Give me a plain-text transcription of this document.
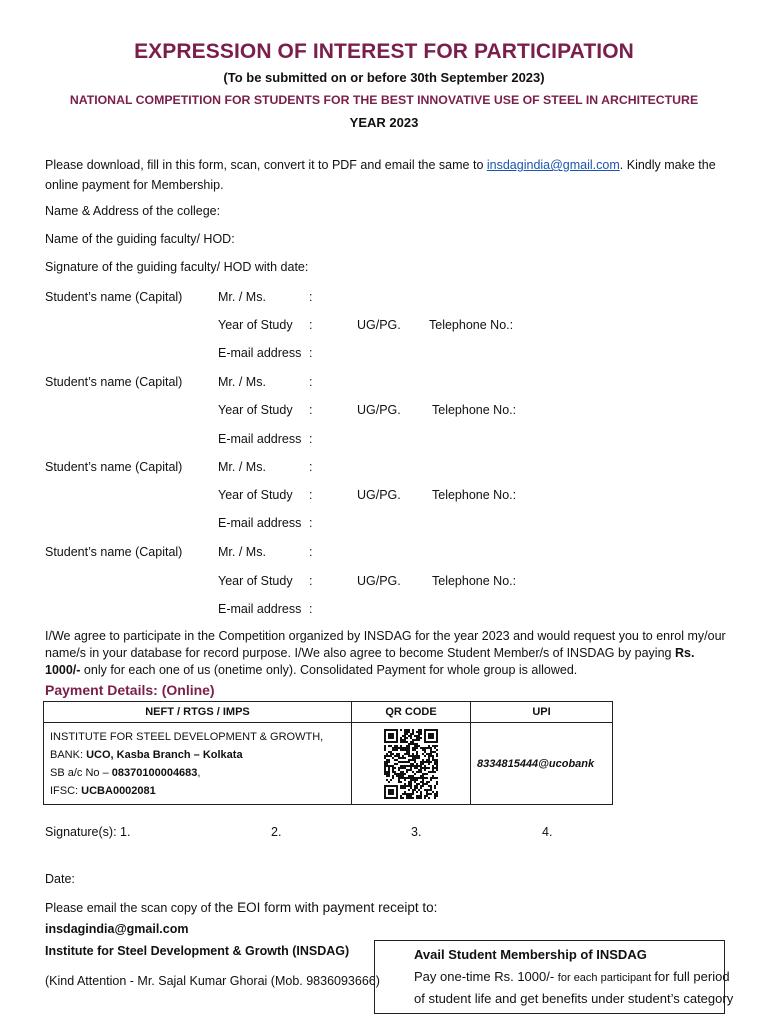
EXPRESSION OF INTEREST FOR PARTICIPATION
(To be submitted on or before 30th September 2023)
NATIONAL COMPETITION FOR STUDENTS FOR THE BEST INNOVATIVE USE OF STEEL IN ARCHITECTURE
YEAR 2023
Please download, fill in this form, scan, convert it to PDF and email the same to insdagindia@gmail.com. Kindly make the online payment for Membership.
Name & Address of the college:
Name of the guiding faculty/ HOD:
Signature of the guiding faculty/ HOD with date:
Student’s name (Capital)	Mr. / Ms.	:
Year of Study :	UG/PG. Telephone No.:
E-mail address :
Student’s name (Capital)	Mr. / Ms.	:
Year of Study :	UG/PG. Telephone No.:
E-mail address :
Student’s name (Capital)	Mr. / Ms.	:
Year of Study :	UG/PG. Telephone No.:
E-mail address :
Student’s name (Capital)	Mr. / Ms.	:
Year of Study :	UG/PG. Telephone No.:
E-mail address :
I/We agree to participate in the Competition organized by INSDAG for the year 2023 and would request you to enrol my/our name/s in your database for record purpose. I/We also agree to become Student Member/s of INSDAG by paying Rs. 1000/- only for each one of us (onetime only). Consolidated Payment for whole group is allowed.
Payment Details: (Online)
NEFT / RTGS / IMPS	QR CODE	UPI

INSTITUTE FOR STEEL DEVELOPMENT & GROWTH,
BANK: UCO, Kasba Branch – Kolkata
SB a/c No – 08370100004683,
IFSC: UCBA0002081		8334815444@ucobank
Signature(s): 1.	2.	3.	4.
Date:
Please email the scan copy of the EOI form with payment receipt to:
insdagindia@gmail.com
Institute for Steel Development & Growth (INSDAG)
(Kind Attention - Mr. Sajal Kumar Ghorai (Mob. 9836093666)
Avail Student Membership of INSDAG
Pay one-time Rs. 1000/- for each participant for full period
of student life and get benefits under student’s category
